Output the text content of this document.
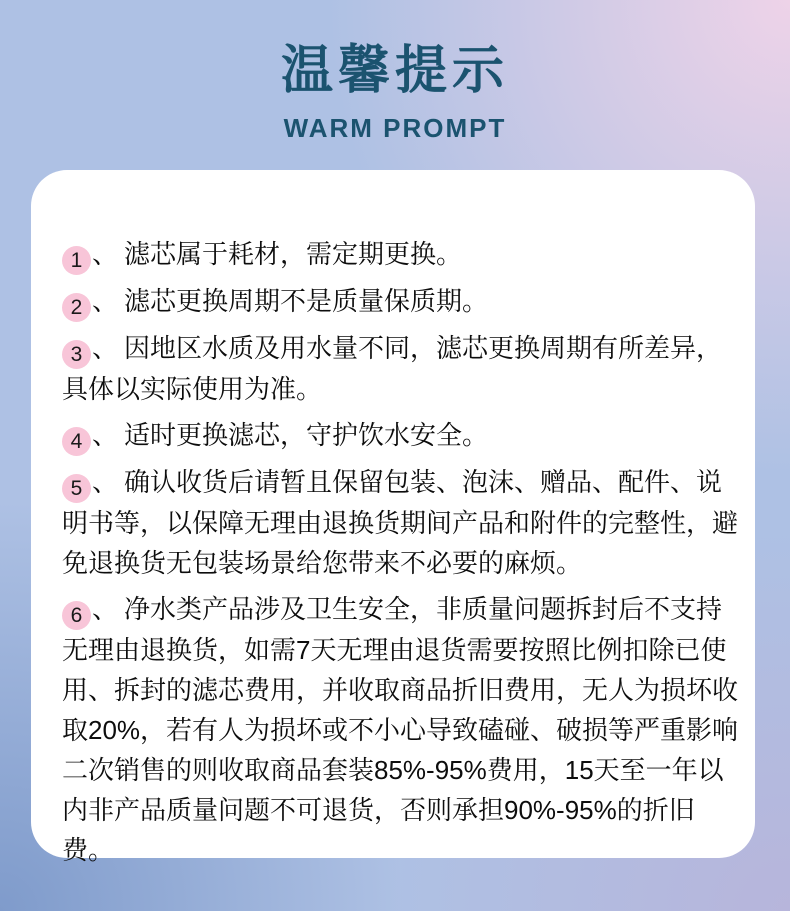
温馨提示
WARM PROMPT

1 、 滤芯属于耗材，需定期更换。

2 、 滤芯更换周期不是质量保质期。

3 、 因地区水质及用水量不同，滤芯更换周期有所差异，具体以实际使用为准。

4 、 适时更换滤芯，守护饮水安全。

5 、 确认收货后请暂且保留包装、泡沫、赠品、配件、说明书等，以保障无理由退换货期间产品和附件的完整性，避免退换货无包装场景给您带来不必要的麻烦。

6 、 净水类产品涉及卫生安全，非质量问题拆封后不支持无理由退换货，如需7天无理由退货需要按照比例扣除已使用、拆封的滤芯费用，并收取商品折旧费用，无人为损坏收取20%，若有人为损坏或不小心导致磕碰、破损等严重影响二次销售的则收取商品套装85%-95%费用，15天至一年以内非产品质量问题不可退货，否则承担90%-95%的折旧费。
